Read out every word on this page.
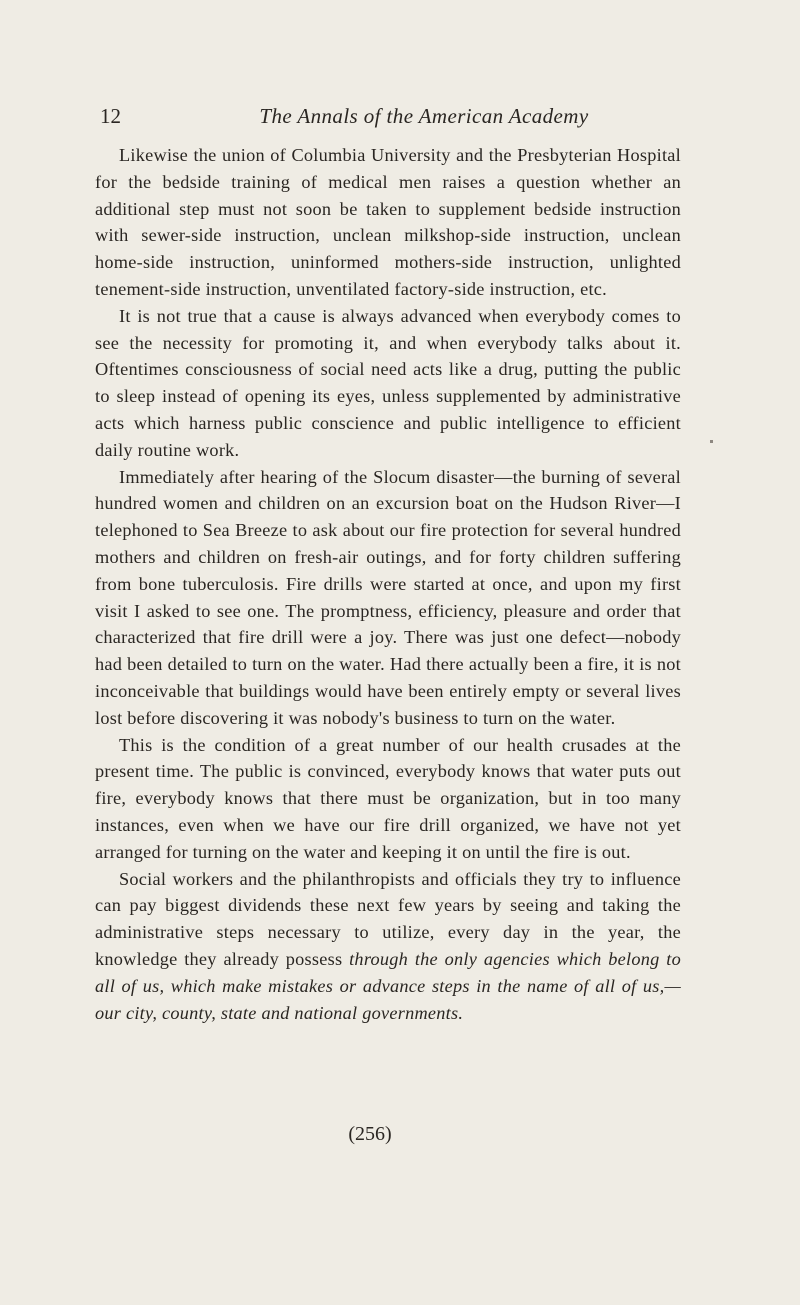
12	The Annals of the American Academy

Likewise the union of Columbia University and the Presbyterian Hospital for the bedside training of medical men raises a question whether an additional step must not soon be taken to supplement bedside instruction with sewer-side instruction, unclean milkshop-side instruction, unclean home-side instruction, uninformed mothers-side instruction, unlighted tenement-side instruction, unventilated factory-side instruction, etc.

It is not true that a cause is always advanced when everybody comes to see the necessity for promoting it, and when everybody talks about it. Oftentimes consciousness of social need acts like a drug, putting the public to sleep instead of opening its eyes, unless supplemented by administrative acts which harness public conscience and public intelligence to efficient daily routine work.

Immediately after hearing of the Slocum disaster—the burning of several hundred women and children on an excursion boat on the Hudson River—I telephoned to Sea Breeze to ask about our fire protection for several hundred mothers and children on fresh-air outings, and for forty children suffering from bone tuberculosis. Fire drills were started at once, and upon my first visit I asked to see one. The promptness, efficiency, pleasure and order that characterized that fire drill were a joy. There was just one defect—nobody had been detailed to turn on the water. Had there actually been a fire, it is not inconceivable that buildings would have been entirely empty or several lives lost before discovering it was nobody's business to turn on the water.

This is the condition of a great number of our health crusades at the present time. The public is convinced, everybody knows that water puts out fire, everybody knows that there must be organization, but in too many instances, even when we have our fire drill organized, we have not yet arranged for turning on the water and keeping it on until the fire is out.

Social workers and the philanthropists and officials they try to influence can pay biggest dividends these next few years by seeing and taking the administrative steps necessary to utilize, every day in the year, the knowledge they already possess through the only agencies which belong to all of us, which make mistakes or advance steps in the name of all of us,—our city, county, state and national governments.

(256)
